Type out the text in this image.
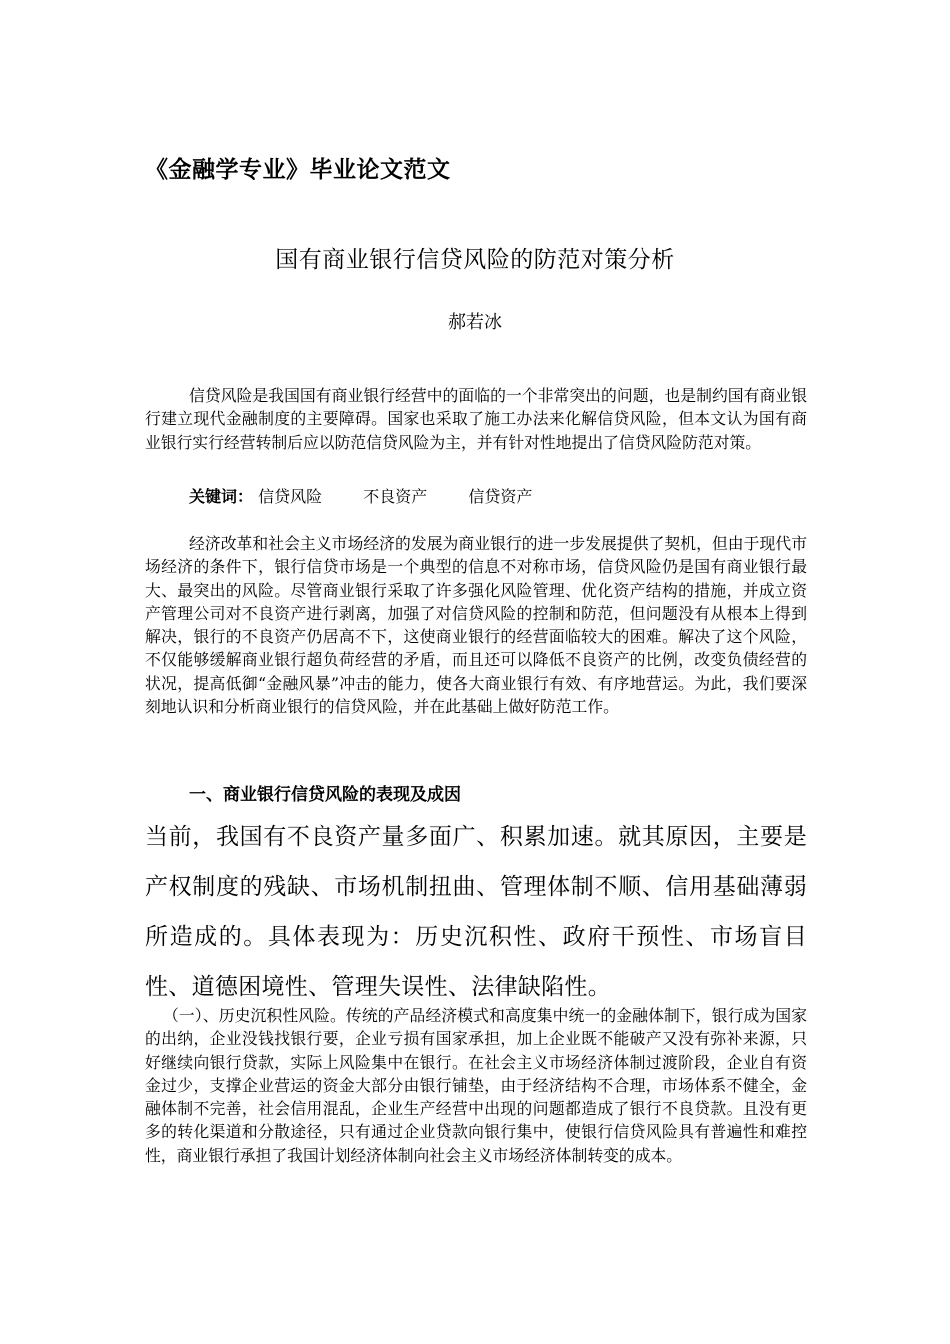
《金融学专业》毕业论文范文
国有商业银行信贷风险的防范对策分析
郝若冰
信贷风险是我国国有商业银行经营中的面临的一个非常突出的问题，也是制约国有商业银行建立现代金融制度的主要障碍。国家也采取了施工办法来化解信贷风险，但本文认为国有商业银行实行经营转制后应以防范信贷风险为主，并有针对性地提出了信贷风险防范对策。
关键词： 信贷风险	不良资产	信贷资产
经济改革和社会主义市场经济的发展为商业银行的进一步发展提供了契机，但由于现代市场经济的条件下，银行信贷市场是一个典型的信息不对称市场，信贷风险仍是国有商业银行最大、最突出的风险。尽管商业银行采取了许多强化风险管理、优化资产结构的措施，并成立资产管理公司对不良资产进行剥离，加强了对信贷风险的控制和防范，但问题没有从根本上得到解决，银行的不良资产仍居高不下，这使商业银行的经营面临较大的困难。解决了这个风险，不仅能够缓解商业银行超负荷经营的矛盾，而且还可以降低不良资产的比例，改变负债经营的状况，提高低御“金融风暴”冲击的能力，使各大商业银行有效、有序地营运。为此，我们要深刻地认识和分析商业银行的信贷风险，并在此基础上做好防范工作。
一、商业银行信贷风险的表现及成因
当前，我国有不良资产量多面广、积累加速。就其原因，主要是产权制度的残缺、市场机制扭曲、管理体制不顺、信用基础薄弱所造成的。具体表现为：历史沉积性、政府干预性、市场盲目性、道德困境性、管理失误性、法律缺陷性。
（一）、历史沉积性风险。传统的产品经济模式和高度集中统一的金融体制下，银行成为国家的出纳，企业没钱找银行要，企业亏损有国家承担，加上企业既不能破产又没有弥补来源，只好继续向银行贷款，实际上风险集中在银行。在社会主义市场经济体制过渡阶段，企业自有资金过少，支撑企业营运的资金大部分由银行铺垫，由于经济结构不合理，市场体系不健全，金融体制不完善，社会信用混乱，企业生产经营中出现的问题都造成了银行不良贷款。且没有更多的转化渠道和分散途径，只有通过企业贷款向银行集中，使银行信贷风险具有普遍性和难控性，商业银行承担了我国计划经济体制向社会主义市场经济体制转变的成本。
